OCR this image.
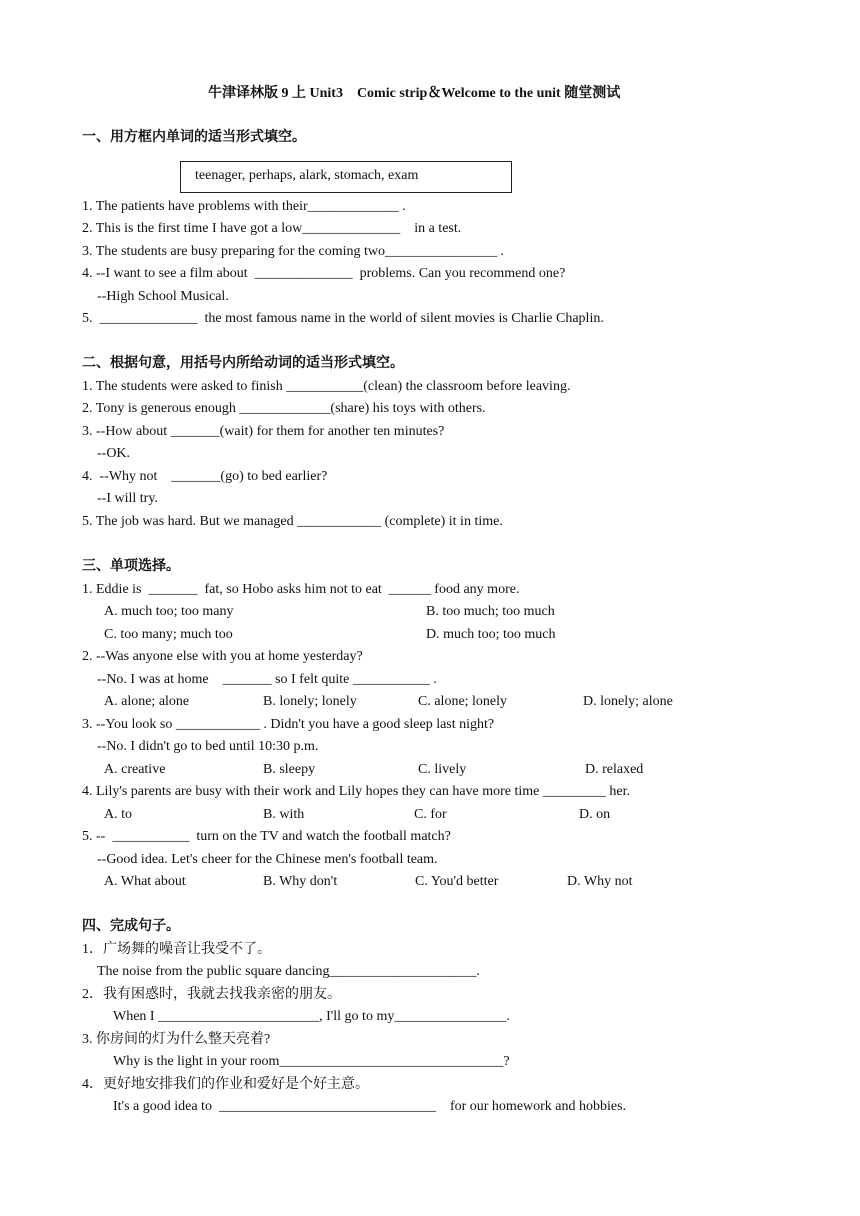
牛津译林版 9 上 Unit3　Comic strip＆Welcome to the unit 随堂测试
一、用方框内单词的适当形式填空。
teenager, perhaps, alark, stomach, exam
1. The patients have problems with their_____________ .
2. This is the first time I have got a low______________    in a test.
3. The students are busy preparing for the coming two________________ .
4. --I want to see a film about  ______________  problems. Can you recommend one?
--High School Musical.
5.  ______________  the most famous name in the world of silent movies is Charlie Chaplin.
二、根据句意，用括号内所给动词的适当形式填空。
1. The students were asked to finish ___________(clean) the classroom before leaving.
2. Tony is generous enough _____________(share) his toys with others.
3. --How about _______(wait) for them for another ten minutes?
--OK.
4.  --Why not    _______(go) to bed earlier?
--I will try.
5. The job was hard. But we managed ____________ (complete) it in time.
三、单项选择。
1. Eddie is  _______  fat, so Hobo asks him not to eat  ______ food any more.
A. much too; too many	B. too much; too much
C. too many; much too	D. much too; too much
2. --Was anyone else with you at home yesterday?
--No. I was at home    _______ so I felt quite ___________ .
A. alone; alone	B. lonely; lonely	C. alone; lonely	D. lonely; alone
3. --You look so ____________ . Didn't you have a good sleep last night?
--No. I didn't go to bed until 10:30 p.m.
A. creative	B. sleepy	C. lively	D. relaxed
4. Lily's parents are busy with their work and Lily hopes they can have more time _________ her.
A. to	B. with	C. for	D. on
5. --  ___________  turn on the TV and watch the football match?
--Good idea. Let's cheer for the Chinese men's football team.
A. What about	B. Why don't	C. You'd better	D. Why not
四、完成句子。
1．广场舞的噪音让我受不了。
The noise from the public square dancing_____________________.
2．我有困惑时，我就去找我亲密的朋友。
When I _______________________, I'll go to my________________.
3. 你房间的灯为什么整天亮着?
Why is the light in your room________________________________?
4．更好地安排我们的作业和爱好是个好主意。
It's a good idea to  _______________________________    for our homework and hobbies.
